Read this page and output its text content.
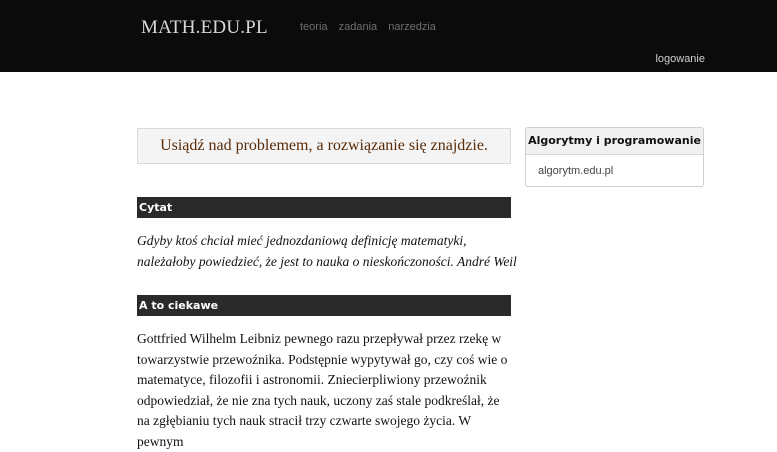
MATH.EDU.PL	teoria zadania narzedzia
logowanie
Usiądź nad problemem, a rozwiązanie się znajdzie.
Cytat
Gdyby ktoś chciał mieć jednozdaniową definicję matematyki, należałoby powiedzieć, że jest to nauka o nieskończoności. André Weil
A to ciekawe
Gottfried Wilhelm Leibniz pewnego razu przepływał przez rzekę w towarzystwie przewoźnika. Podstępnie wypytywał go, czy coś wie o matematyce, filozofii i astronomii. Zniecierpliwiony przewoźnik odpowiedział, że nie zna tych nauk, uczony zaś stale podkreślał, że na zgłębianiu tych nauk stracił trzy czwarte swojego życia. W pewnym
Algorytmy i programowanie
algorytm.edu.pl
